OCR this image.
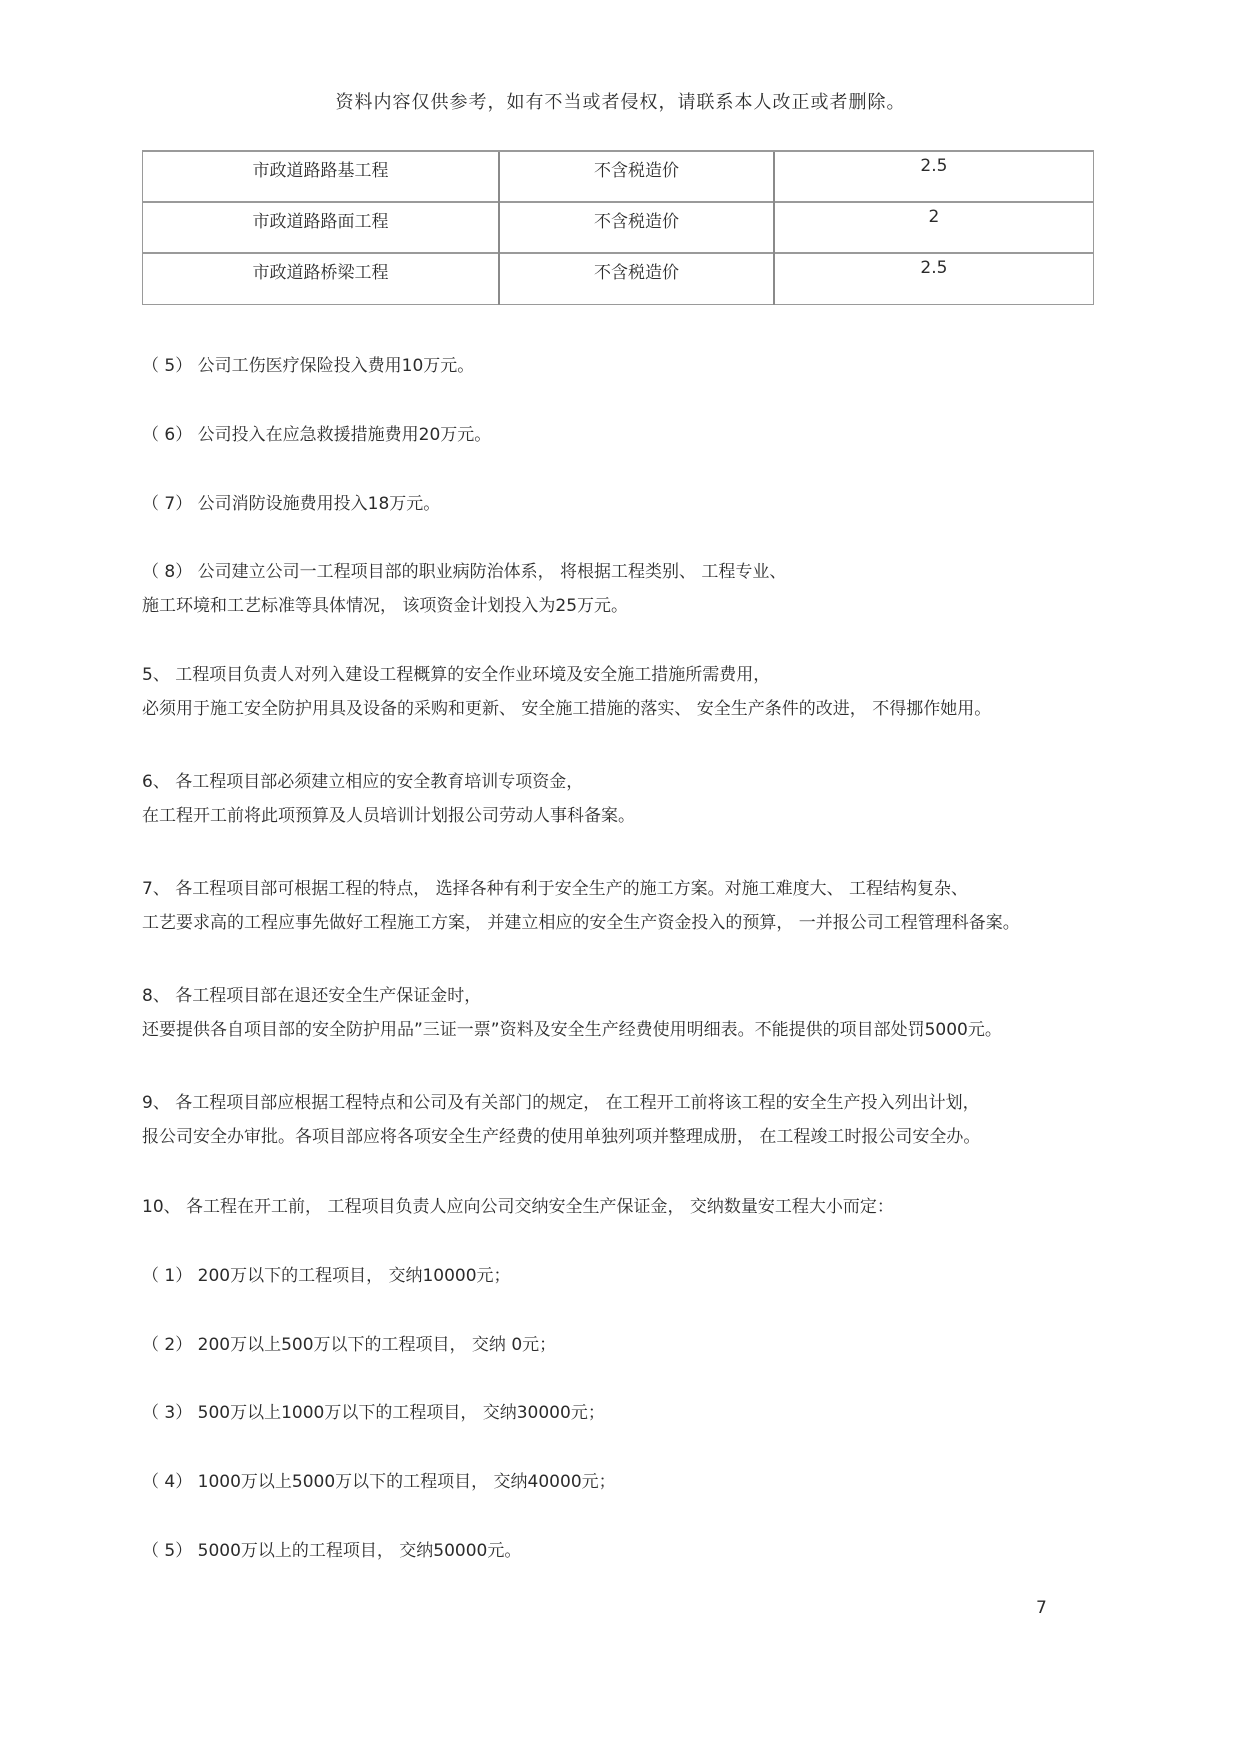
资料内容仅供参考，如有不当或者侵权，请联系本人改正或者删除。
市政道路路基工程	不含税造价	2.5
市政道路路面工程	不含税造价	2
市政道路桥梁工程	不含税造价	2.5
（ 5） 公司工伤医疗保险投入费用10万元。
（ 6） 公司投入在应急救援措施费用20万元。
（ 7） 公司消防设施费用投入18万元。
（ 8） 公司建立公司一工程项目部的职业病防治体系， 将根据工程类别、 工程专业、
施工环境和工艺标准等具体情况， 该项资金计划投入为25万元。
5、 工程项目负责人对列入建设工程概算的安全作业环境及安全施工措施所需费用，
必须用于施工安全防护用具及设备的采购和更新、 安全施工措施的落实、 安全生产条件的改进， 不得挪作她用。
6、 各工程项目部必须建立相应的安全教育培训专项资金，
在工程开工前将此项预算及人员培训计划报公司劳动人事科备案。
7、 各工程项目部可根据工程的特点， 选择各种有利于安全生产的施工方案。对施工难度大、 工程结构复杂、
工艺要求高的工程应事先做好工程施工方案， 并建立相应的安全生产资金投入的预算， 一并报公司工程管理科备案。
8、 各工程项目部在退还安全生产保证金时，
还要提供各自项目部的安全防护用品”三证一票”资料及安全生产经费使用明细表。不能提供的项目部处罚5000元。
9、 各工程项目部应根据工程特点和公司及有关部门的规定， 在工程开工前将该工程的安全生产投入列出计划，
报公司安全办审批。各项目部应将各项安全生产经费的使用单独列项并整理成册， 在工程竣工时报公司安全办。
10、 各工程在开工前， 工程项目负责人应向公司交纳安全生产保证金， 交纳数量安工程大小而定：
（ 1） 200万以下的工程项目， 交纳10000元；
（ 2） 200万以上500万以下的工程项目， 交纳 0元；
（ 3） 500万以上1000万以下的工程项目， 交纳30000元；
（ 4） 1000万以上5000万以下的工程项目， 交纳40000元；
（ 5） 5000万以上的工程项目， 交纳50000元。
7
